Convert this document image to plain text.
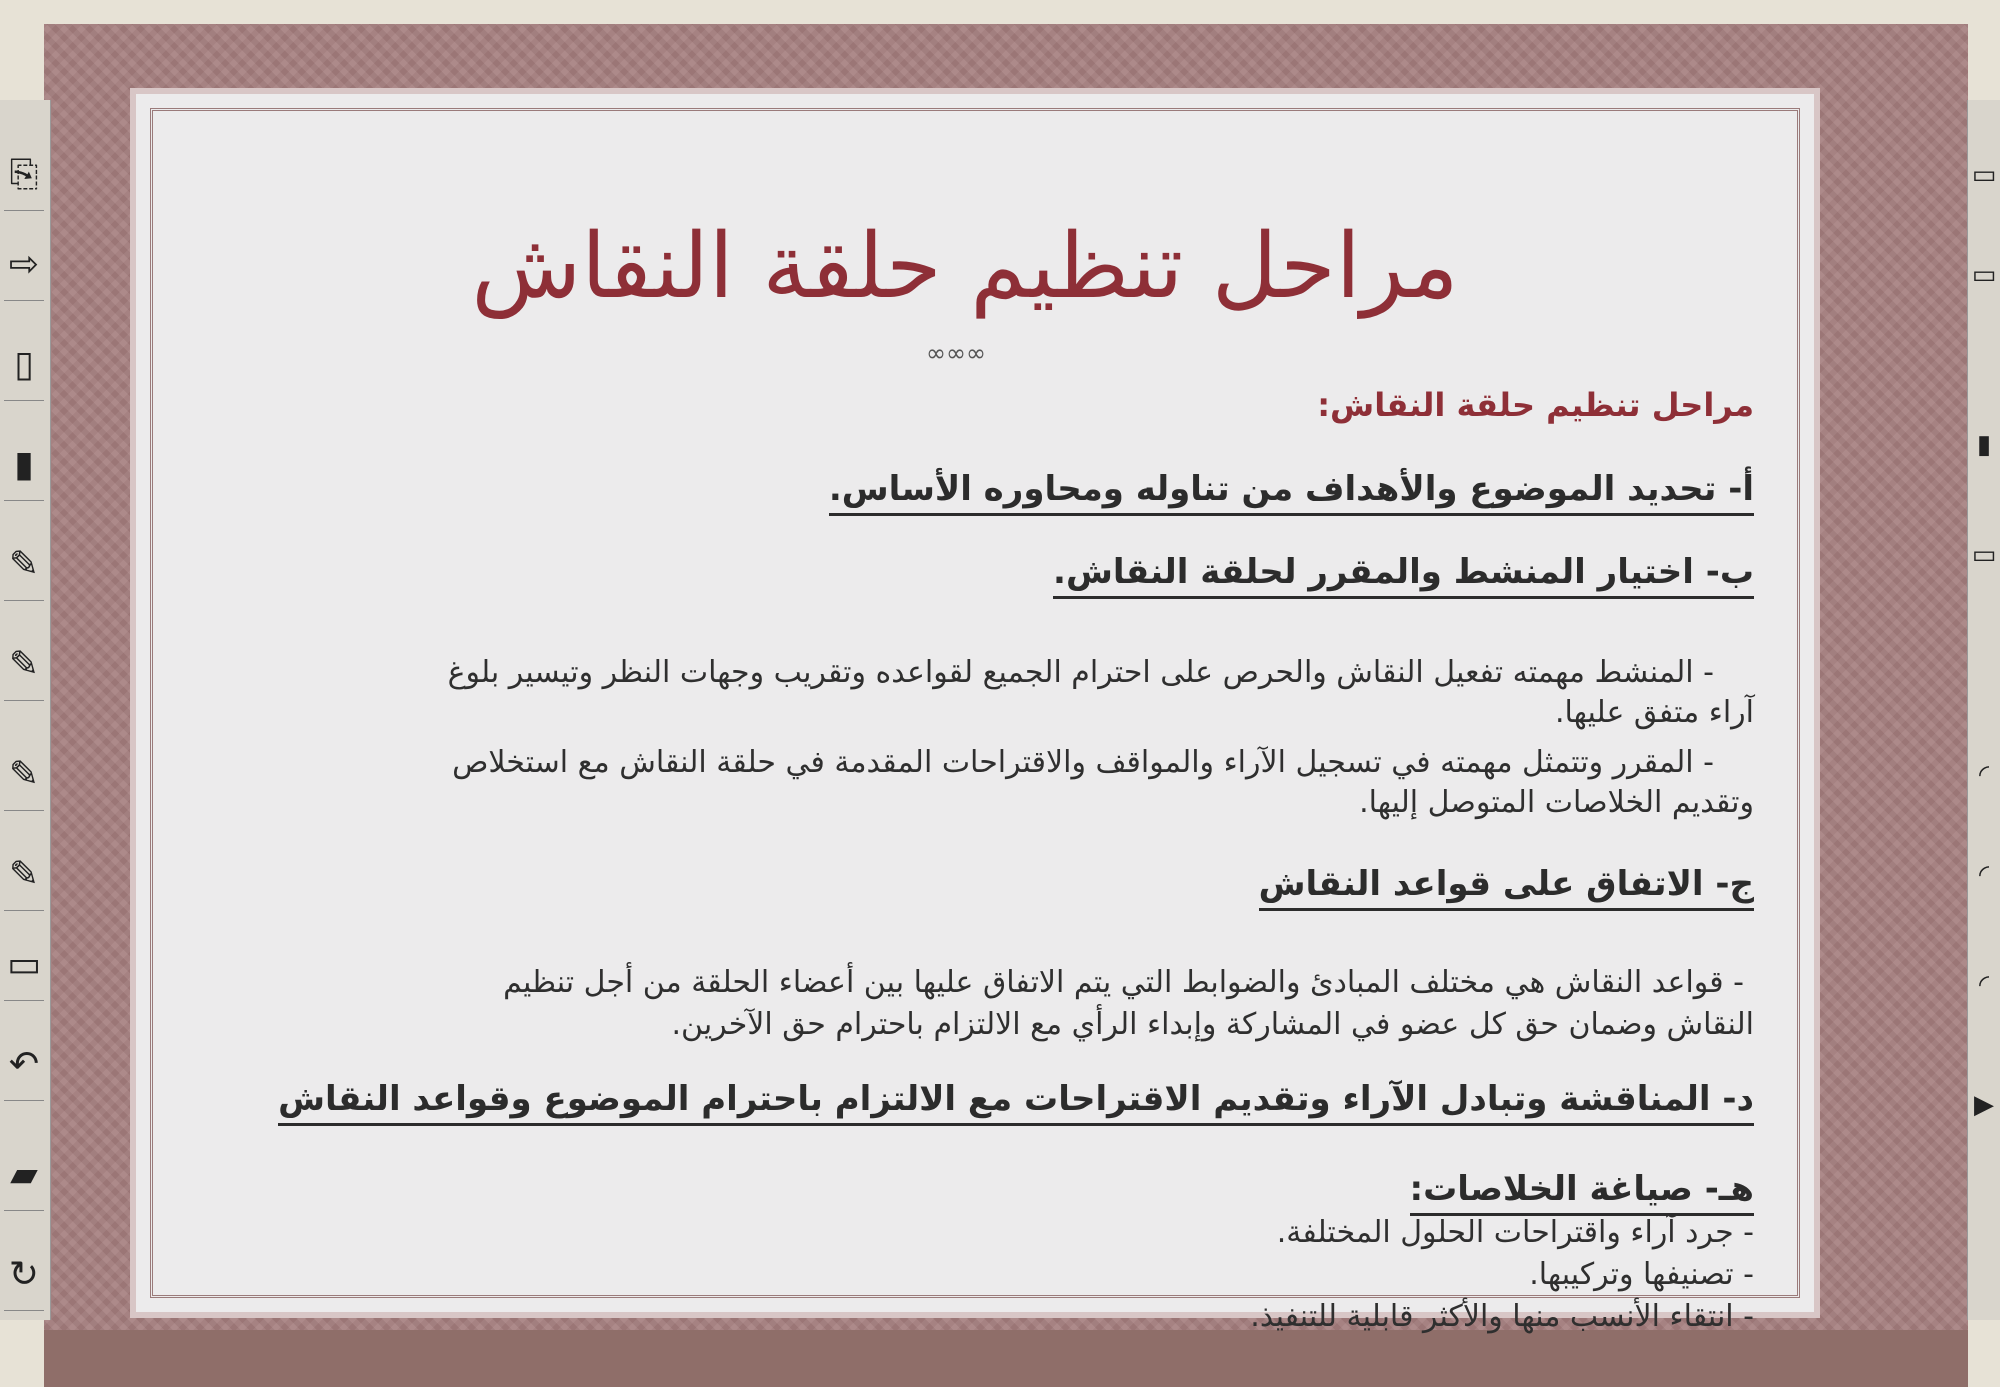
⎘
⇨
▯
▮
✎
✎
✎
✎
▭
↶
▰
↻
▭
▭
▮
▭
◜
◜
◜
▶
مراحل تنظيم حلقة النقاش
∞∞∞
مراحل تنظيم حلقة النقاش:
أ- تحديد الموضوع والأهداف من تناوله ومحاوره الأساس.
ب- اختيار المنشط والمقرر لحلقة النقاش.
- المنشط مهمته تفعيل النقاش والحرص على احترام الجميع لقواعده وتقريب وجهات النظر وتيسير بلوغ
آراء متفق عليها.
- المقرر وتتمثل مهمته في تسجيل الآراء والمواقف والاقتراحات المقدمة في حلقة النقاش مع استخلاص
وتقديم الخلاصات المتوصل إليها.
ج- الاتفاق على قواعد النقاش
- قواعد النقاش هي مختلف المبادئ والضوابط التي يتم الاتفاق عليها بين أعضاء الحلقة من أجل تنظيم
النقاش وضمان حق كل عضو في المشاركة وإبداء الرأي مع الالتزام باحترام حق الآخرين.
د- المناقشة وتبادل الآراء وتقديم الاقتراحات مع الالتزام باحترام الموضوع وقواعد النقاش
هـ- صياغة الخلاصات:
- جرد آراء واقتراحات الحلول المختلفة.
- تصنيفها وتركيبها.
- انتقاء الأنسب منها والأكثر قابلية للتنفيذ.
